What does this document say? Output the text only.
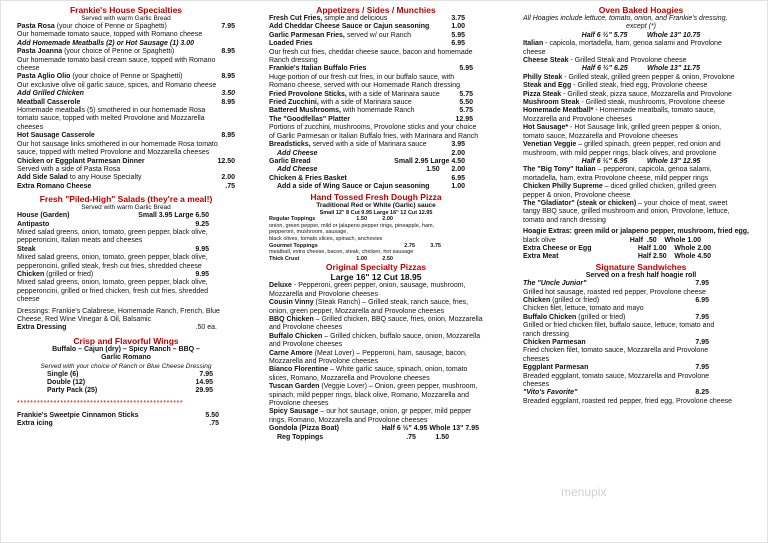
Frankie's House Specialties
Served with warm Garlic Bread
Pasta Rosa (your choice of Penne or Spaghetti)	7.95
Our homemade tomato sauce, topped with Romano cheese
Add Homemade Meatballs (2) or Hot Sausage (1) 3.00
Pasta Joanna (your choice of Penne or Spaghetti)	8.95
Our homemade tomato basil cream sauce, topped with Romano
cheese
Pasta Aglio Olio (your choice of Penne or Spaghetti)	8.95
Our exclusive olive oil garlic sauce, spices, and Romano cheese
Add Grilled Chicken	3.50
Meatball Casserole	8.95
Homemade meatballs (5) smothered in our homemade Rosa
tomato sauce, topped with melted Provolone and Mozzarella
cheeses
Hot Sausage Casserole	8.95
Our hot sausage links smothered in our homemade Rosa tomato
sauce, topped with melted Provolone and Mozzarella cheeses
Chicken or Eggplant Parmesan Dinner	12.50
Served with a side of Pasta Rosa
Add Side Salad to any House Specialty	2.00
Extra Romano Cheese	.75
Fresh "Piled-High" Salads (they're a meal!)
Served with warm Garlic Bread
House (Garden)	Small 3.95 Large 6.50
Antipasto	9.25
Mixed salad greens, onion, tomato, green pepper, black olive,
pepperoncini, Italian meats and cheeses
Steak	9.95
Mixed salad greens, onion, tomato, green pepper, black olive,
pepperoncini, grilled steak, fresh cut fries, shredded cheese
Chicken (grilled or fried)	9.95
Mixed salad greens, onion, tomato, green pepper, black olive,
pepperoncini, grilled or fried chicken, fresh cut fries, shredded
cheese
Dressings: Frankie's Calabrese, Homemade Ranch, French, Blue
Cheese, Red Wine Vinegar & Oil, Balsamic
Extra Dressing	.50 ea.
Crisp and Flavorful Wings
Buffalo – Cajun (dry) – Spicy Ranch – BBQ –
Garlic Romano
Served with your choice of Ranch or Blue Cheese Dressing
Single (6)	7.95
Double (12)	14.95
Party Pack (25)	29.95
**************************************************
Frankie's Sweetpie Cinnamon Sticks	5.50
Extra icing	.75
Appetizers / Sides / Munchies
Fresh Cut Fries, simple and delicious	3.75
Add Cheddar Cheese Sauce or Cajun seasoning	1.00
Garlic Parmesan Fries, served w/ our Ranch	5.95
Loaded Fries	6.95
Our fresh cut fries, cheddar cheese sauce, bacon and homemade
Ranch dressing
Frankie's Italian Buffalo Fries	5.95
Huge portion of our fresh cut fries, in our buffalo sauce, with
Romano cheese, served with our Homemade Ranch dressing
Fried Provolone Sticks, with a side of Marinara sauce	5.75
Fried Zucchini, with a side of Marinara sauce	5.50
Battered Mushrooms, with homemade Ranch	5.75
The "Goodfellas" Platter	12.95
Portions of zucchini, mushrooms, Provolone sticks and your choice
of Garlic Parmesan or Italian Buffalo fries, with Marinara and Ranch
Breadsticks, served with a side of Marinara sauce	3.95
Add Cheese	2.00
Garlic Bread	Small 2.95 Large 4.50
Add Cheese	1.50      2.00
Chicken & Fries Basket	6.95
Add a side of Wing Sauce or Cajun seasoning	1.00
Hand Tossed Fresh Dough Pizza
Traditional Red or White (Garlic) sauce
Small 12" 8 Cut 9.95 Large 16" 12 Cut 12.95
Regular Toppings	1.50          2.00
onion, green pepper, mild or jalapeno pepper rings, pineapple, ham,
pepperoni, mushroom, sausage,
black olives, tomato slices, spinach, anchovies
Gourmet Toppings	2.75          3.75
meatball, extra cheese, bacon, steak, chicken, hot sausage
Thick Crust	1.00          2.50
Original Specialty Pizzas
Large 16" 12 Cut 18.95
Deluxe - Pepperoni, green pepper, onion, sausage, mushroom,
Mozzarella and Provolone cheeses
Cousin Vinny (Steak Ranch) – Grilled steak, ranch sauce, fries,
onion, green pepper, Mozzarella and Provolone cheeses
BBQ Chicken – Grilled chicken, BBQ sauce, fries, onion, Mozzarella
and Provolone cheeses
Buffalo Chicken – Grilled chicken, buffalo sauce, onion, Mozzarella
and Provolone cheeses
Carne Amore (Meat Lover) – Pepperoni, ham, sausage, bacon,
Mozzarella and Provolone cheeses
Bianco Florentine – White garlic sauce, spinach, onion, tomato
slices, Romano, Mozzarella and Provolone cheeses
Tuscan Garden (Veggie Lover) – Onion, green pepper, mushroom,
spinach, mild pepper rings, black olive, Romano, Mozzarella and
Provolone cheeses
Spicy Sausage – our hot sausage, onion, gr pepper, mild pepper
rings, Romano, Mozzarella and Provolone cheeses
Gondola (Pizza Boat)	Half 6 ½" 4.95 Whole 13" 7.95
Reg Toppings	.75          1.50
Oven Baked Hoagies
All Hoagies include lettuce, tomato, onion, and Frankie's dressing,
except (*)
Half 6 ½" 5.75          Whole 13" 10.75
Italian - capicola, mortadella, ham, genoa salami and Provolone
cheese
Cheese Steak - Grilled Steak and Provolone cheese
Half 6 ½" 6.25          Whole 13" 11.75
Philly Steak - Grilled steak, grilled green pepper & onion, Provolone
Steak and Egg - Grilled steak, fried egg, Provolone cheese
Pizza Steak - Grilled steak, pizza sauce, Mozzarella and Provolone
Mushroom Steak - Grilled steak, mushrooms, Provolone cheese
Homemade Meatball* - Homemade meatballs, tomato sauce,
Mozzarella and Provolone cheeses
Hot Sausage* - Hot Sausage link, grilled green pepper & onion,
tomato sauce, Mozzarella and Provolone cheeses
Venetian Veggie – grilled spinach, green pepper, red onion and
mushroom, with mild pepper rings, black olives, and provolone
Half 6 ½" 6.95          Whole 13" 12.95
The "Big Tony" Italian – pepperoni, capicola, genoa salami,
mortadella, ham, extra Provolone cheese, mild pepper rings
Chicken Philly Supreme – diced grilled chicken, grilled green
pepper & onion, Provolone cheese
The "Gladiator" (steak or chicken) – your choice of meat, sweet
tangy BBQ sauce, grilled mushroom and onion, Provolone, lettuce,
tomato and ranch dressing
Hoagie Extras: green mild or jalapeno pepper, mushroom, fried egg,
black olive	Half  .50    Whole 1.00
Extra Cheese or Egg	Half 1.00    Whole 2.00
Extra Meat	Half 2.50    Whole 4.50
Signature Sandwiches
Served on a fresh half hoagie roll
The "Uncle Junior"	7.95
Grilled hot sausage, roasted red pepper, Provolone cheese
Chicken (grilled or fried)	6.95
Chicken filet, lettuce, tomato and mayo
Buffalo Chicken (grilled or fried)	7.95
Grilled or fried chicken filet, buffalo sauce, lettuce, tomato and
ranch dressing
Chicken Parmesan	7.95
Fried chicken filet, tomato sauce, Mozzarella and Provolone
cheeses
Eggplant Parmesan	7.95
Breaded eggplant, tomato sauce, Mozzarella and Provolone
cheeses
"Vito's Favorite"	8.25
Breaded eggplant, roasted red pepper, fried egg, Provolone cheese
menupix
